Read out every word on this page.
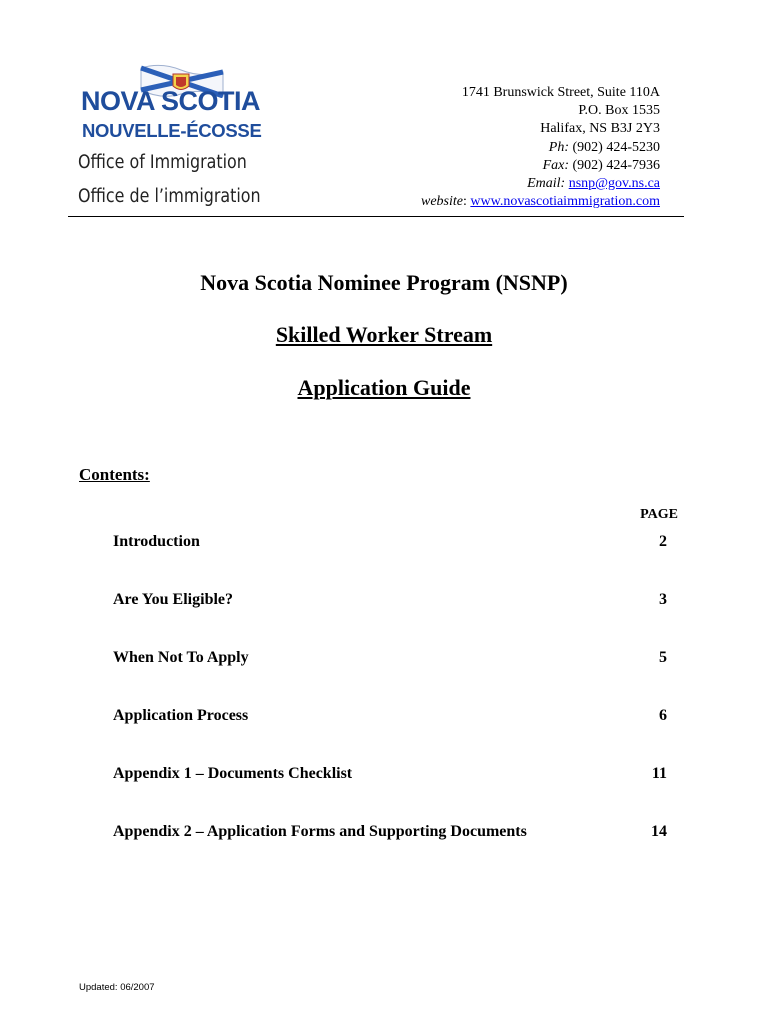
NOVA SCOTIA
NOUVELLE-ÉCOSSE
Office of Immigration
Office de l’immigration
1741 Brunswick Street, Suite 110A
P.O. Box 1535
Halifax, NS B3J 2Y3
Ph: (902) 424-5230
Fax: (902) 424-7936
Email: nsnp@gov.ns.ca
website: www.novascotiaimmigration.com
Nova Scotia Nominee Program (NSNP)
Skilled Worker Stream
Application Guide
Contents:
PAGE
Introduction	2
Are You Eligible?	3
When Not To Apply	5
Application Process	6
Appendix 1 – Documents Checklist	11
Appendix 2 – Application Forms and Supporting Documents	14
Updated: 06/2007
